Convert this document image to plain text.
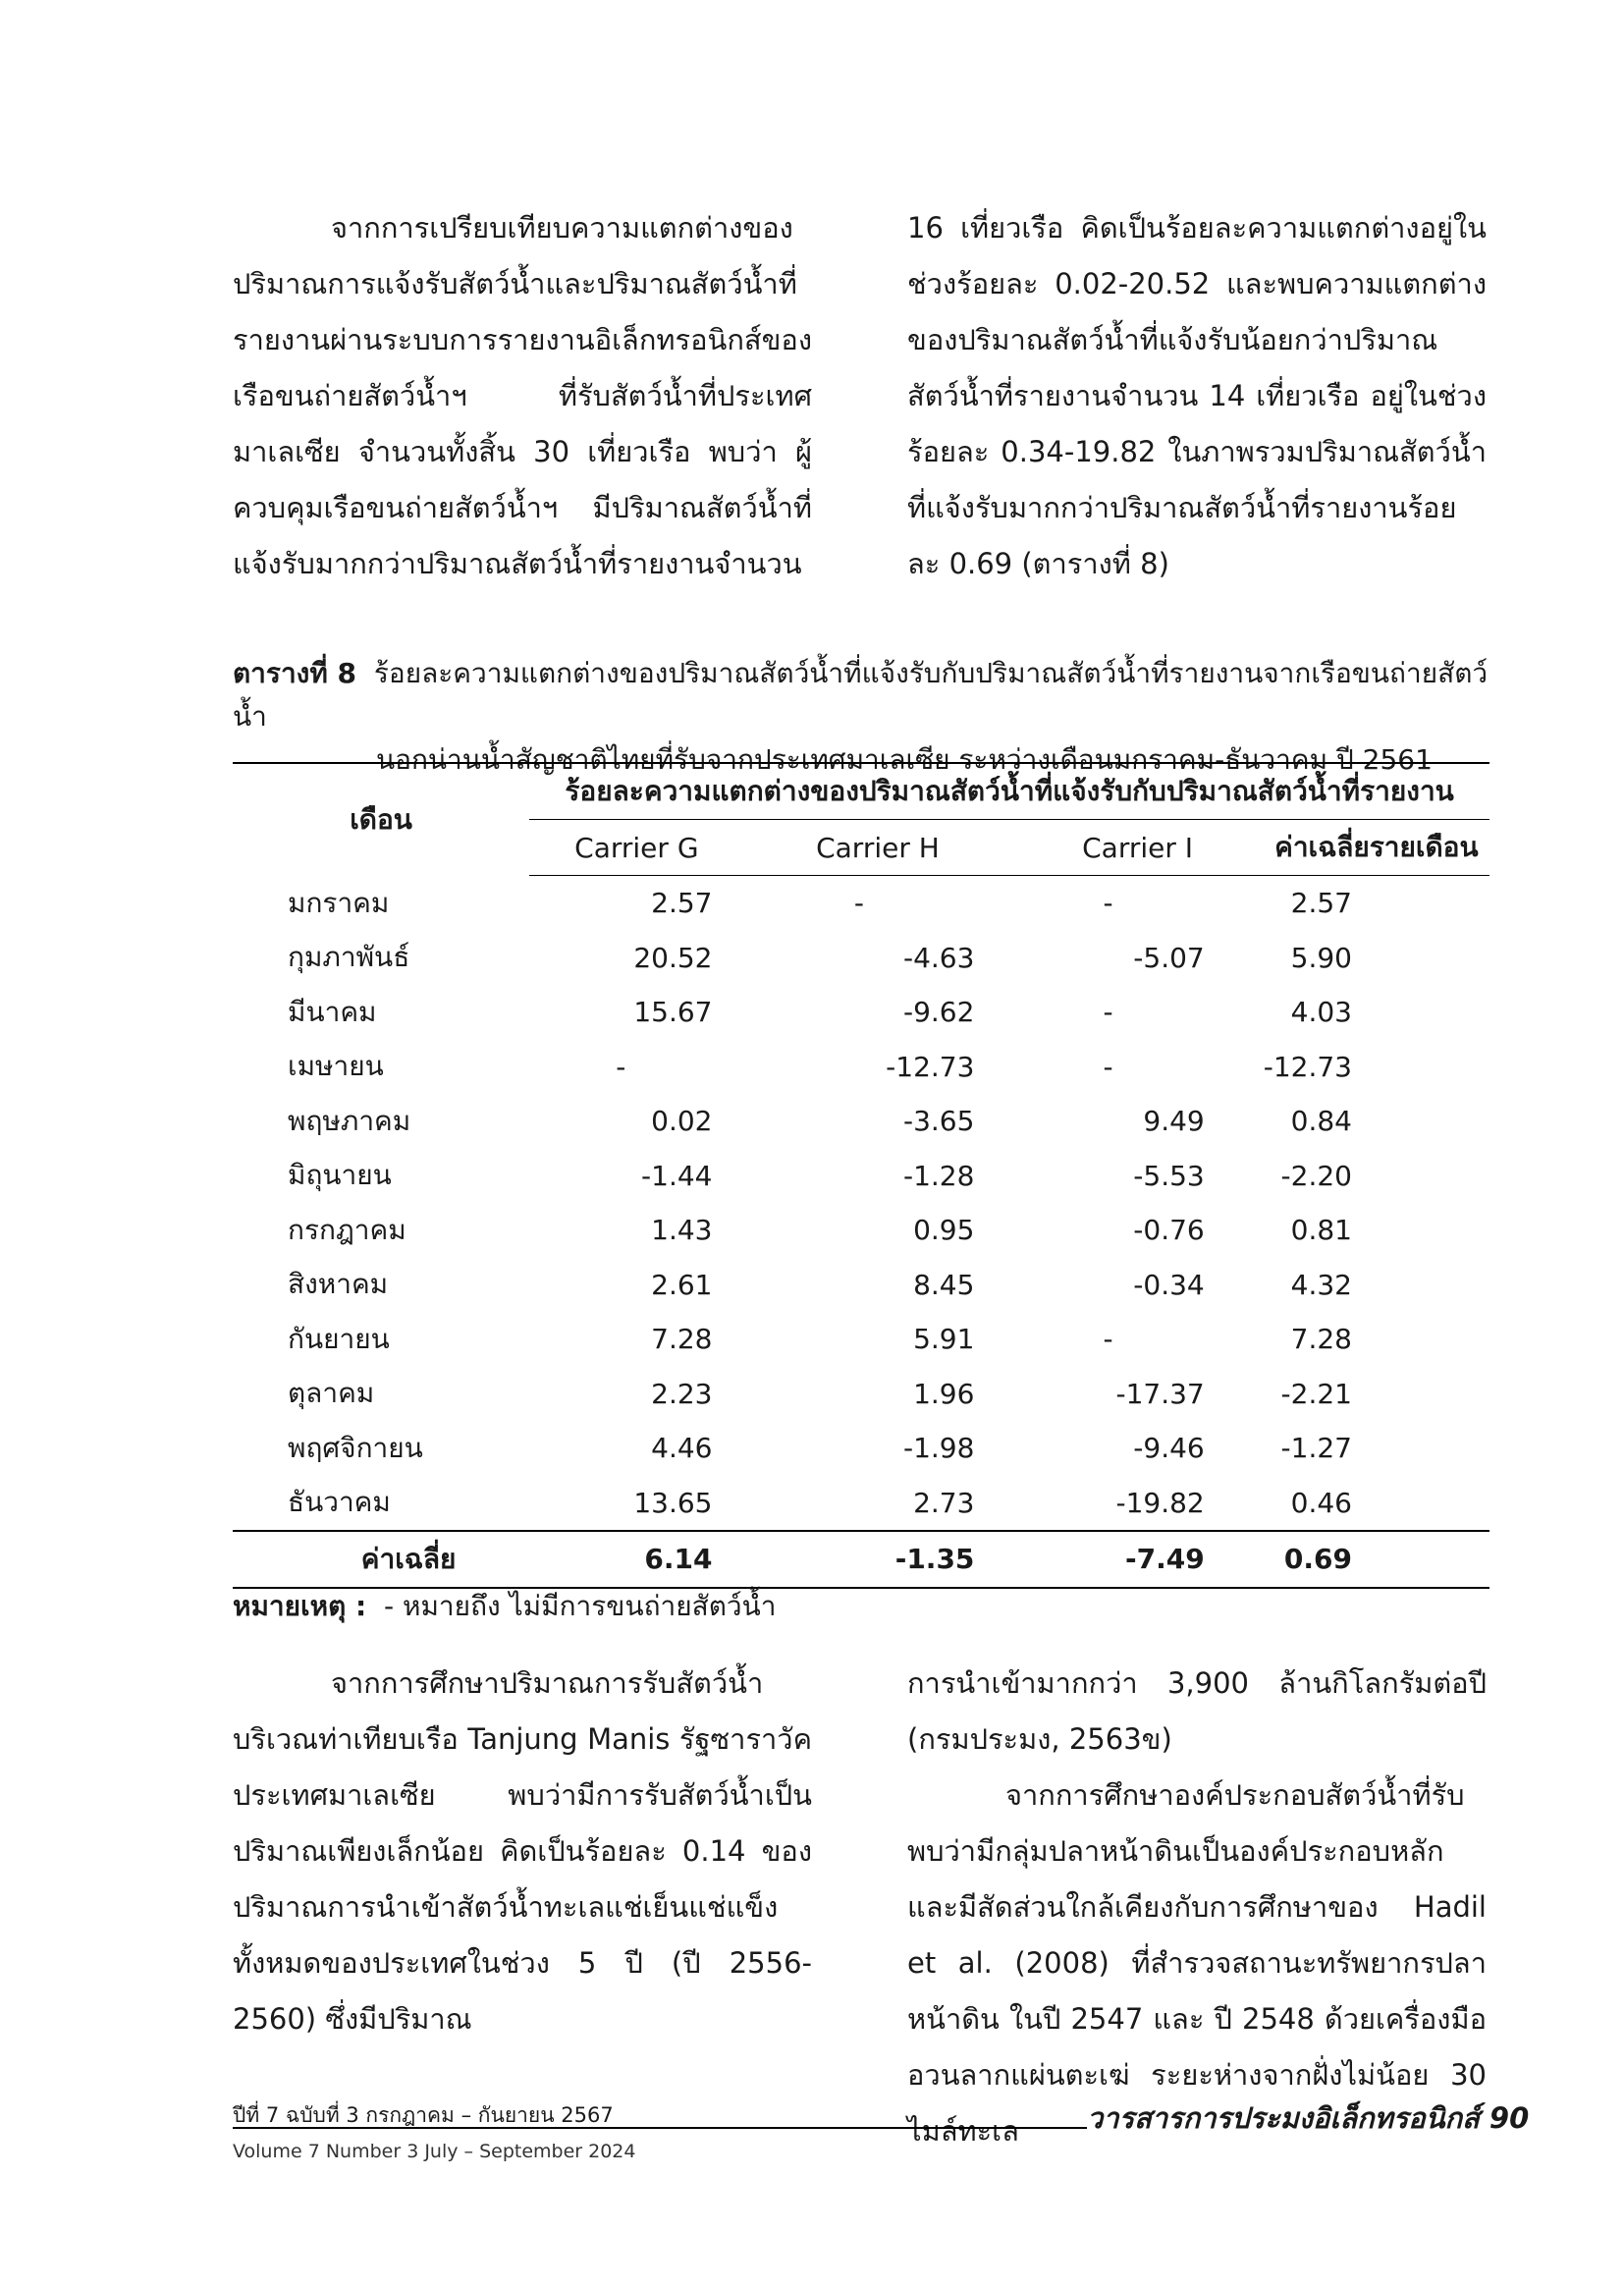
จากการเปรียบเทียบความแตกต่างของปริมาณการแจ้งรับสัตว์น้ำและปริมาณสัตว์น้ำที่รายงานผ่านระบบการรายงานอิเล็กทรอนิกส์ของเรือขนถ่ายสัตว์น้ำฯ ที่รับสัตว์น้ำที่ประเทศมาเลเซีย จำนวนทั้งสิ้น 30 เที่ยวเรือ พบว่า ผู้ควบคุมเรือขนถ่ายสัตว์น้ำฯ มีปริมาณสัตว์น้ำที่แจ้งรับมากกว่าปริมาณสัตว์น้ำที่รายงานจำนวน

16 เที่ยวเรือ คิดเป็นร้อยละความแตกต่างอยู่ในช่วงร้อยละ 0.02-20.52 และพบความแตกต่างของปริมาณสัตว์น้ำที่แจ้งรับน้อยกว่าปริมาณสัตว์น้ำที่รายงานจำนวน 14 เที่ยวเรือ อยู่ในช่วงร้อยละ 0.34-19.82 ในภาพรวมปริมาณสัตว์น้ำที่แจ้งรับมากกว่าปริมาณสัตว์น้ำที่รายงานร้อยละ 0.69 (ตารางที่ 8)

ตารางที่ 8 ร้อยละความแตกต่างของปริมาณสัตว์น้ำที่แจ้งรับกับปริมาณสัตว์น้ำที่รายงานจากเรือขนถ่ายสัตว์น้ำ
นอกน่านน้ำสัญชาติไทยที่รับจากประเทศมาเลเซีย ระหว่างเดือนมกราคม-ธันวาคม ปี 2561
เดือน	ร้อยละความแตกต่างของปริมาณสัตว์น้ำที่แจ้งรับกับปริมาณสัตว์น้ำที่รายงาน			
	Carrier G	Carrier H	Carrier I	ค่าเฉลี่ยรายเดือน
มกราคม	2.57	-	-	2.57
กุมภาพันธ์	20.52	-4.63	-5.07	5.90
มีนาคม	15.67	-9.62	-	4.03
เมษายน	-	-12.73	-	-12.73
พฤษภาคม	0.02	-3.65	9.49	0.84
มิถุนายน	-1.44	-1.28	-5.53	-2.20
กรกฎาคม	1.43	0.95	-0.76	0.81
สิงหาคม	2.61	8.45	-0.34	4.32
กันยายน	7.28	5.91	-	7.28
ตุลาคม	2.23	1.96	-17.37	-2.21
พฤศจิกายน	4.46	-1.98	-9.46	-1.27
ธันวาคม	13.65	2.73	-19.82	0.46
ค่าเฉลี่ย	6.14	-1.35	-7.49	0.69
หมายเหตุ : - หมายถึง ไม่มีการขนถ่ายสัตว์น้ำ

จากการศึกษาปริมาณการรับสัตว์น้ำบริเวณท่าเทียบเรือ Tanjung Manis รัฐซาราวัค ประเทศมาเลเซีย พบว่ามีการรับสัตว์น้ำเป็นปริมาณเพียงเล็กน้อย คิดเป็นร้อยละ 0.14 ของปริมาณการนำเข้าสัตว์น้ำทะเลแช่เย็นแช่แข็งทั้งหมดของประเทศในช่วง 5 ปี (ปี 2556-2560) ซึ่งมีปริมาณ

การนำเข้ามากกว่า 3,900 ล้านกิโลกรัมต่อปี (กรมประมง, 2563ข)

จากการศึกษาองค์ประกอบสัตว์น้ำที่รับพบว่ามีกลุ่มปลาหน้าดินเป็นองค์ประกอบหลัก และมีสัดส่วนใกล้เคียงกับการศึกษาของ Hadil et al. (2008) ที่สำรวจสถานะทรัพยากรปลาหน้าดิน ในปี 2547 และ ปี 2548 ด้วยเครื่องมืออวนลากแผ่นตะเฆ่ ระยะห่างจากฝั่งไม่น้อย 30 ไมล์ทะเล

ปีที่ 7 ฉบับที่ 3 กรกฎาคม – กันยายน 2567
Volume 7 Number 3 July – September 2024
วารสารการประมงอิเล็กทรอนิกส์ 90
